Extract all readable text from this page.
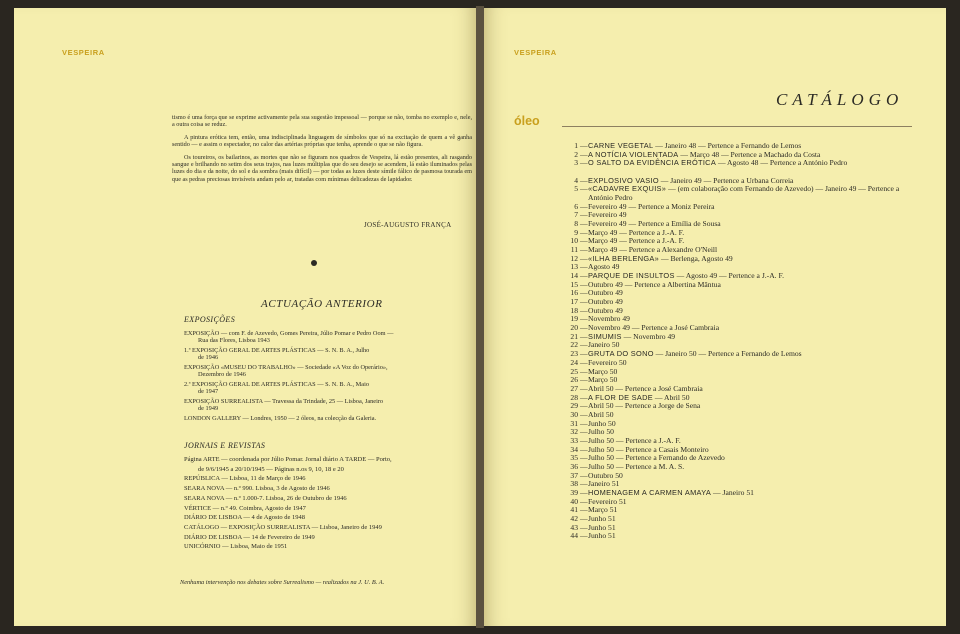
VESPEIRA

tismo é uma força que se exprime activamente pela sua sugestão impessoal — porque se não, tomba no exemplo e, nele, a outra coisa se reduz.

A pintura erótica tem, então, uma indisciplinada linguagem de símbolos que só na excitação de quem a vê ganha sentido — e assim o espectador, no calor das artérias próprias que tenha, aprende o que se não figura.

Os toureiros, os bailarinos, as mortes que não se figuram nos quadros de Vespeira, lá estão presentes, ali rasgando sangue e brilhando no setim dos seus trajos, nas luzes múltiplas que do seu desejo se acendem, lá estão iluminados pelas luzes do dia e da noite, do sol e da sombra (mais difícil) — por todas as luzes deste símile fálico de pasmosa tourada em que as pedras preciosas invisíveis andam pelo ar, tratadas com mínimas delicadezas de lapidador.

JOSÉ-AUGUSTO FRANÇA
ACTUAÇÃO ANTERIOR
EXPOSIÇÕES
EXPOSIÇÃO — com F. de Azevedo, Gomes Pereira, Júlio Pomar e Pedro Oom —
Rua das Flores, Lisboa 1943
1.ª EXPOSIÇÃO GERAL DE ARTES PLÁSTICAS — S. N. B. A., Julho
de 1946
EXPOSIÇÃO «MUSEU DO TRABALHO» — Sociedade «A Voz do Operário»,
Dezembro de 1946
2.ª EXPOSIÇÃO GERAL DE ARTES PLÁSTICAS — S. N. B. A., Maio
de 1947
EXPOSIÇÃO SURREALISTA — Travessa da Trindade, 25 — Lisboa, Janeiro
de 1949
LONDON GALLERY — Londres, 1950 — 2 óleos, na colecção da Galeria.
JORNAIS E REVISTAS
Página ARTE — coordenada por Júlio Pomar. Jornal diário A TARDE — Porto,
de 9/6/1945 a 20/10/1945 — Páginas n.os 9, 10, 18 e 20
REPÚBLICA — Lisboa, 11 de Março de 1946
SEARA NOVA — n.º 990. Lisboa, 3 de Agosto de 1946
SEARA NOVA — n.º 1.000-7. Lisboa, 26 de Outubro de 1946
VÉRTICE — n.º 49. Coimbra, Agosto de 1947
DIÁRIO DE LISBOA — 4 de Agosto de 1948
CATÁLOGO — EXPOSIÇÃO SURREALISTA — Lisboa, Janeiro de 1949
DIÁRIO DE LISBOA — 14 de Fevereiro de 1949
UNICÓRNIO — Lisboa, Maio de 1951
Nenhuma intervenção nos debates sobre Surrealismo — realizados na J. U. B. A.
VESPEIRA
CATÁLOGO
óleo
1 — CARNE VEGETAL — Janeiro 48 — Pertence a Fernando de Lemos
2 — A NOTÍCIA VIOLENTADA — Março 48 — Pertence a Machado da Costa
3 — O SALTO DA EVIDÊNCIA ERÓTICA — Agosto 48 — Pertence a António Pedro
4 — EXPLOSIVO VASIO — Janeiro 49 — Pertence a Urbana Correia
5 — «CADAVRE EXQUIS» — (em colaboração com Fernando de Azevedo) — Janeiro 49 — Pertence a António Pedro
6 — Fevereiro 49 — Pertence a Moniz Pereira
7 — Fevereiro 49
8 — Fevereiro 49 — Pertence a Emília de Sousa
9 — Março 49 — Pertence a J.-A. F.
10 — Março 49 — Pertence a J.-A. F.
11 — Março 49 — Pertence a Alexandre O'Neill
12 — «ILHA BERLENGA» — Berlenga, Agosto 49
13 — Agosto 49
14 — PARQUE DE INSULTOS — Agosto 49 — Pertence a J.-A. F.
15 — Outubro 49 — Pertence a Albertina Mântua
16 — Outubro 49
17 — Outubro 49
18 — Outubro 49
19 — Novembro 49
20 — Novembro 49 — Pertence a José Cambraia
21 — SIMUMIS — Novembro 49
22 — Janeiro 50
23 — GRUTA DO SONO — Janeiro 50 — Pertence a Fernando de Lemos
24 — Fevereiro 50
25 — Março 50
26 — Março 50
27 — Abril 50 — Pertence a José Cambraia
28 — A FLOR DE SADE — Abril 50
29 — Abril 50 — Pertence a Jorge de Sena
30 — Abril 50
31 — Junho 50
32 — Julho 50
33 — Julho 50 — Pertence a J.-A. F.
34 — Julho 50 — Pertence a Casais Monteiro
35 — Julho 50 — Pertence a Fernando de Azevedo
36 — Julho 50 — Pertence a M. A. S.
37 — Outubro 50
38 — Janeiro 51
39 — HOMENAGEM A CARMEN AMAYA — Janeiro 51
40 — Fevereiro 51
41 — Março 51
42 — Junho 51
43 — Junho 51
44 — Junho 51
